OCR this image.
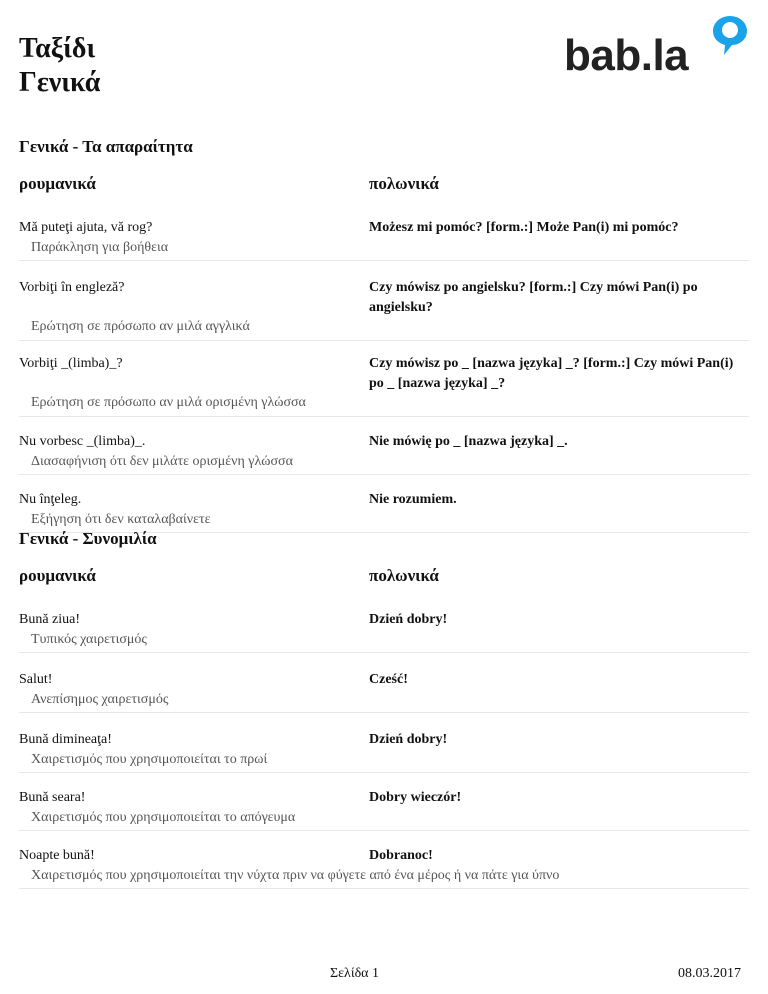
Ταξίδι
Γενικά
bab.la
Γενικά - Τα απαραίτητα
ρουμανικά	πολωνικά
Mă puteţi ajuta, vă rog?	Możesz mi pomóc? [form.:] Może Pan(i) mi pomóc?
Παράκληση για βοήθεια
Vorbiţi în engleză?	Czy mówisz po angielsku? [form.:] Czy mówi Pan(i) po angielsku?
Ερώτηση σε πρόσωπο αν μιλά αγγλικά
Vorbiţi _(limba)_?	Czy mówisz po _ [nazwa języka] _? [form.:] Czy mówi Pan(i) po _ [nazwa języka] _?
Ερώτηση σε πρόσωπο αν μιλά ορισμένη γλώσσα
Nu vorbesc _(limba)_.	Nie mówię po _ [nazwa języka] _.
Διασαφήνιση ότι δεν μιλάτε ορισμένη γλώσσα
Nu înţeleg.	Nie rozumiem.
Εξήγηση ότι δεν καταλαβαίνετε
Γενικά - Συνομιλία
ρουμανικά	πολωνικά
Bună ziua!	Dzień dobry!
Τυπικός χαιρετισμός
Salut!	Cześć!
Ανεπίσημος χαιρετισμός
Bună dimineaţa!	Dzień dobry!
Χαιρετισμός που χρησιμοποιείται το πρωί
Bună seara!	Dobry wieczór!
Χαιρετισμός που χρησιμοποιείται το απόγευμα
Noapte bună!	Dobranoc!
Χαιρετισμός που χρησιμοποιείται την νύχτα πριν να φύγετε από ένα μέρος ή να πάτε για ύπνο
Σελίδα 1	08.03.2017
